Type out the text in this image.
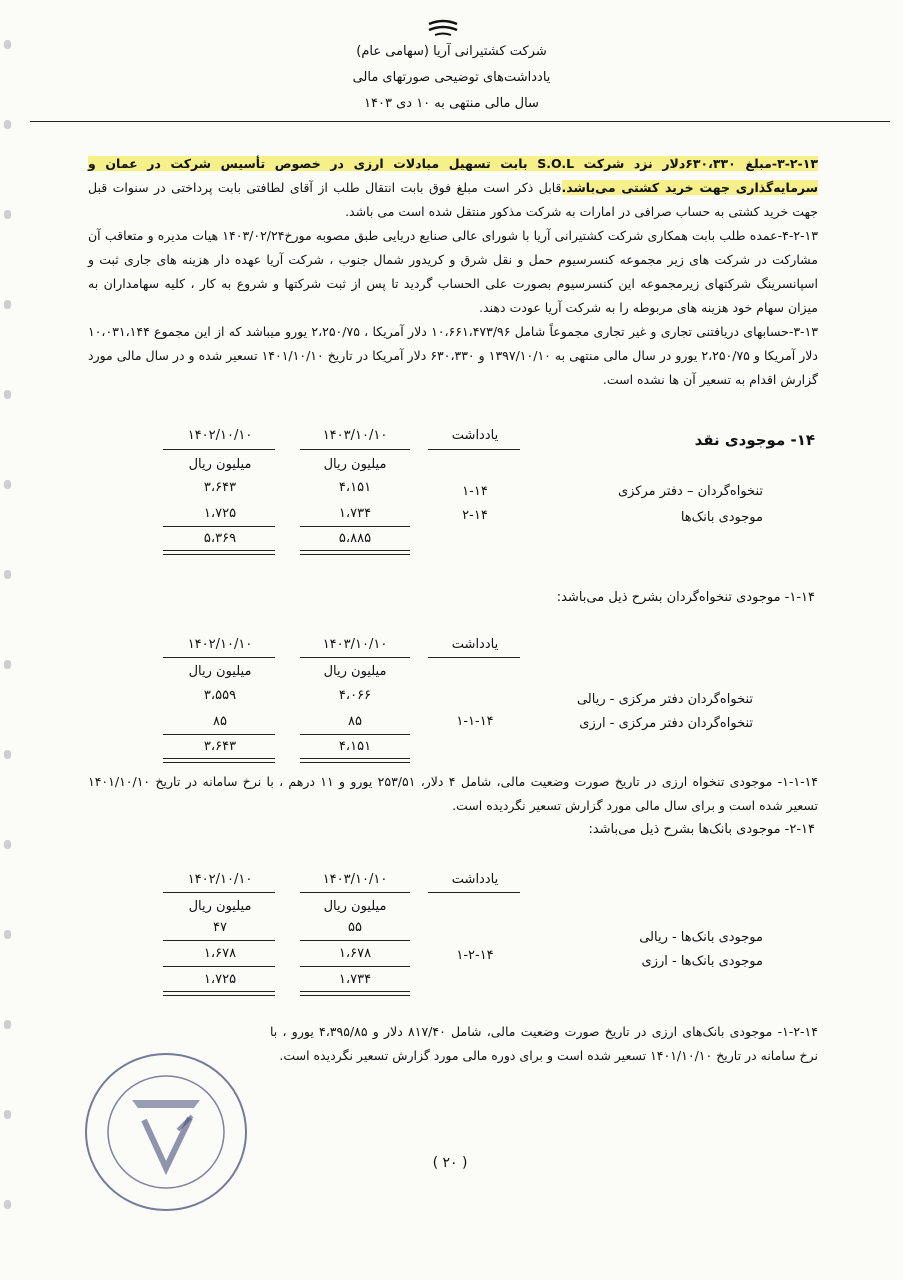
شرکت کشتیرانی آریا (سهامی عام)
یادداشت‌های توضیحی صورتهای مالی
سال مالی منتهی به ۱۰ دی ۱۴۰۳
۳-۲-۱۳-مبلغ ۶۳۰،۳۳۰دلار نزد شرکت S.O.L بابت تسهیل مبادلات ارزی در خصوص تأسیس شرکت در عمان و سرمایه‌گذاری جهت خرید کشتی می‌باشد.قابل ذکر است مبلغ فوق بابت انتقال طلب از آقای لطافتی بابت پرداختی در سنوات قبل جهت خرید کشتی به حساب صرافی در امارات به شرکت مذکور منتقل شده است می باشد.
۴-۲-۱۳-عمده طلب بابت همکاری شرکت کشتیرانی آریا با شورای عالی صنایع دریایی طبق مصوبه مورخ۱۴۰۳/۰۲/۲۴ هیات مدیره و متعاقب آن مشارکت در شرکت های زیر مجموعه کنسرسیوم حمل و نقل شرق و کریدور شمال جنوب ، شرکت آریا عهده دار هزینه های جاری ثبت و اسپانسرینگ شرکتهای زیرمجموعه این کنسرسیوم بصورت علی الحساب گردید تا پس از ثبت شرکتها و شروع به کار ، کلیه سهامداران به میزان سهام خود هزینه های مربوطه را به شرکت آریا عودت دهند.
۳-۱۳-حسابهای دریافتنی تجاری و غیر تجاری مجموعاً شامل ۱۰،۶۶۱،۴۷۳/۹۶ دلار آمریکا ، ۲،۲۵۰/۷۵ یورو میباشد که از این مجموع ۱۰،۰۳۱،۱۴۴ دلار آمریکا و ۲،۲۵۰/۷۵ یورو در سال مالی منتهی به ۱۳۹۷/۱۰/۱۰ و ۶۳۰،۳۳۰ دلار آمریکا در تاریخ ۱۴۰۱/۱۰/۱۰ تسعیر شده و در سال مالی مورد گزارش اقدام به تسعیر آن ها نشده است.
۱۴- موجودی نقد
یادداشت
۱۴۰۳/۱۰/۱۰
۱۴۰۲/۱۰/۱۰
میلیون ریال
میلیون ریال
تنخواه‌گردان – دفتر مرکزی
۱-۱۴
۴،۱۵۱
۳،۶۴۳
موجودی بانک‌ها
۲-۱۴
۱،۷۳۴
۱،۷۲۵
۵،۸۸۵
۵،۳۶۹
۱-۱۴- موجودی تنخواه‌گردان بشرح ذیل می‌باشد:
یادداشت
۱۴۰۳/۱۰/۱۰
۱۴۰۲/۱۰/۱۰
میلیون ریال
میلیون ریال
تنخواه‌گردان دفتر مرکزی - ریالی
۴،۰۶۶
۳،۵۵۹
تنخواه‌گردان دفتر مرکزی - ارزی
۱-۱-۱۴
۸۵
۸۵
۴،۱۵۱
۳،۶۴۳
۱-۱-۱۴- موجودی تنخواه ارزی در تاریخ صورت وضعیت مالی، شامل ۴ دلار، ۲۵۳/۵۱ یورو و ۱۱ درهم ، با نرخ سامانه در تاریخ ۱۴۰۱/۱۰/۱۰ تسعیر شده است و برای سال مالی مورد گزارش تسعیر نگردیده است.
۲-۱۴- موجودی بانک‌ها بشرح ذیل می‌باشد:
یادداشت
۱۴۰۳/۱۰/۱۰
۱۴۰۲/۱۰/۱۰
میلیون ریال
میلیون ریال
۵۵
۴۷
موجودی بانک‌ها - ریالی
۱،۶۷۸
۱،۶۷۸	۱-۲-۱۴	موجودی بانک‌ها - ارزی
۱،۷۳۴
۱،۷۲۵
۱-۲-۱۴- موجودی بانک‌های ارزی در تاریخ صورت وضعیت مالی، شامل ۸۱۷/۴۰ دلار و ۴،۳۹۵/۸۵ یورو ، با نرخ سامانه در تاریخ ۱۴۰۱/۱۰/۱۰ تسعیر شده است و برای دوره مالی مورد گزارش تسعیر نگردیده است.
( ۲۰ )
